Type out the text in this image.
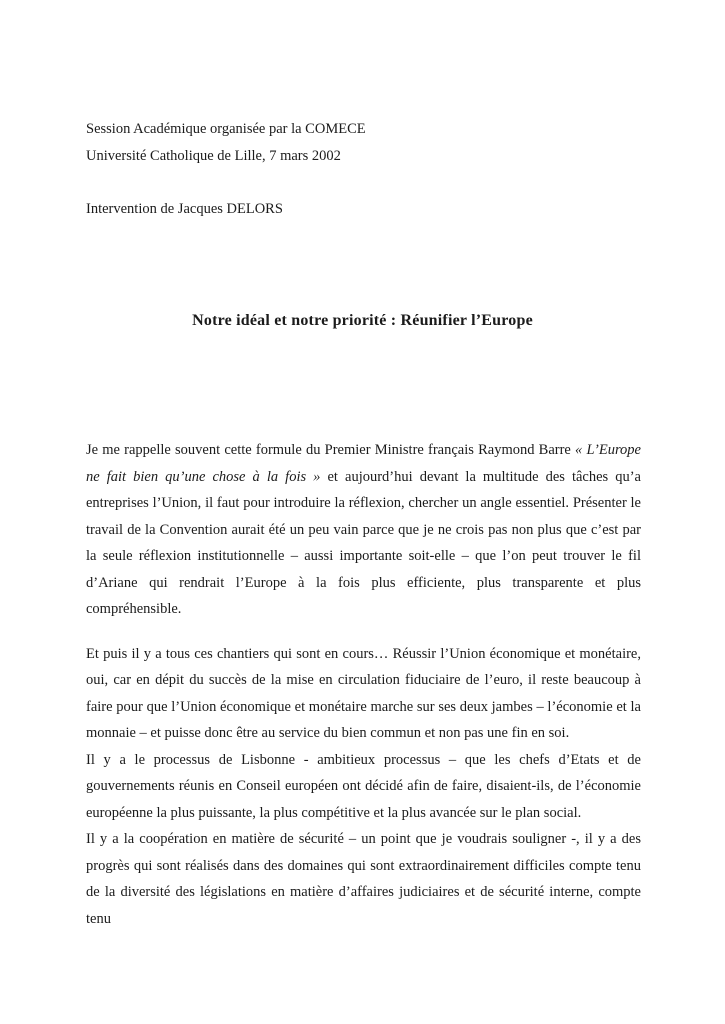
Session Académique organisée par la COMECE
Université Catholique de Lille, 7 mars 2002
Intervention de Jacques DELORS
Notre idéal et notre priorité : Réunifier l’Europe

Je me rappelle souvent cette formule du Premier Ministre français Raymond Barre « L’Europe ne fait bien qu’une chose à la fois » et aujourd’hui devant la multitude des tâches qu’a entreprises l’Union, il faut pour introduire la réflexion, chercher un angle essentiel. Présenter le travail de la Convention aurait été un peu vain parce que je ne crois pas non plus que c’est par la seule réflexion institutionnelle – aussi importante soit-elle – que l’on peut trouver le fil d’Ariane qui rendrait l’Europe à la fois plus efficiente, plus transparente et plus compréhensible.

Et puis il y a tous ces chantiers qui sont en cours… Réussir l’Union économique et monétaire, oui, car en dépit du succès de la mise en circulation fiduciaire de l’euro, il reste beaucoup à faire pour que l’Union économique et monétaire marche sur ses deux jambes – l’économie et la monnaie – et puisse donc être au service du bien commun et non pas une fin en soi.

Il y a le processus de Lisbonne - ambitieux processus – que les chefs d’Etats et de gouvernements réunis en Conseil européen ont décidé afin de faire, disaient-ils, de l’économie européenne la plus puissante, la plus compétitive et la plus avancée sur le plan social.

Il y a la coopération en matière de sécurité – un point que je voudrais souligner -, il y a des progrès qui sont réalisés dans des domaines qui sont extraordinairement difficiles compte tenu de la diversité des législations en matière d’affaires judiciaires et de sécurité interne, compte tenu
